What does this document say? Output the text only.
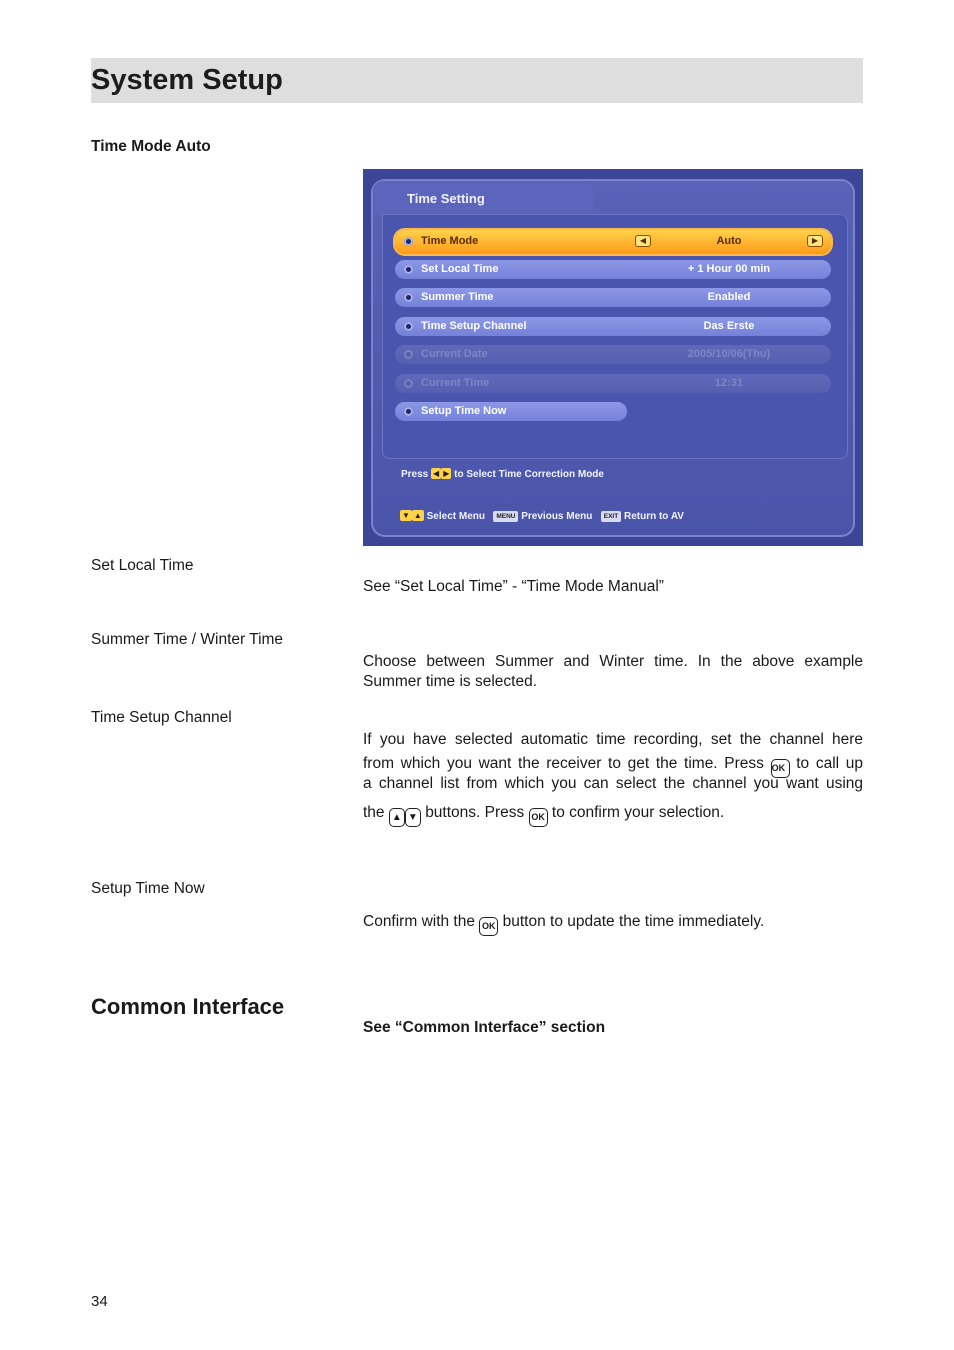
System Setup
Time Mode Auto
Time Setting
Time Mode	◀	Auto	▶
Set Local Time	+ 1 Hour 00 min
Summer Time	Enabled
Time Setup Channel	Das Erste
Current Date	2005/10/06(Thu)
Current Time	12:31
Setup Time Now
Press ◀ ▶ to Select Time Correction Mode
▼ ▲ Select Menu MENU Previous Menu EXIT Return to AV
Set Local Time
See “Set Local Time” - “Time Mode Manual”
Summer Time / Winter Time
Choose between Summer and Winter time. In the above example
Summer time is selected.
Time Setup Channel
If you have selected automatic time recording, set the channel here
from which you want the receiver to get the time. Press OK to call up
a channel list from which you can select the channel you want using
the ▲ ▼ buttons. Press OK to confirm your selection.
Setup Time Now
Confirm with the OK button to update the time immediately.
Common Interface
See “Common Interface” section
34
